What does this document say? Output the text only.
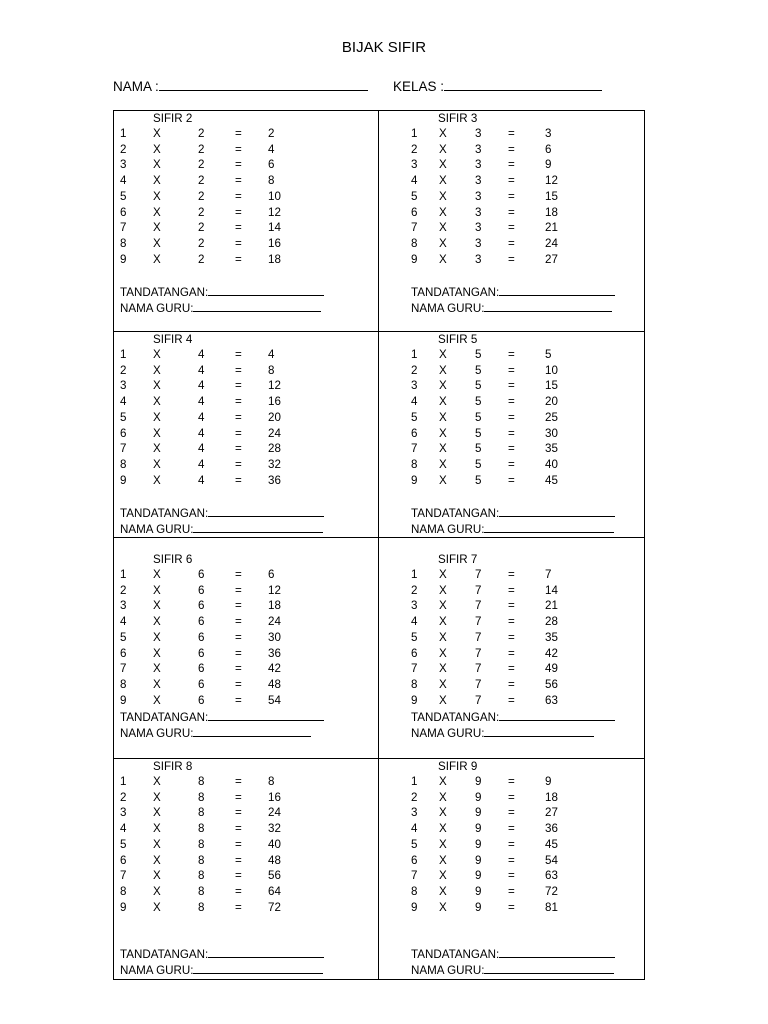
BIJAK SIFIR
NAMA :	KELAS :
SIFIR 2
1 X	2	= 2
2 X	2	= 4
3 X	2	= 6
4 X	2	= 8
5 X	2	= 10
6 X	2	= 12
7 X	2	= 14
8 X	2	= 16
9 X	2	= 18
TANDATANGAN:
NAMA GURU:
SIFIR 3
1 X 3 =	3
2 X 3 =	6
3 X 3 =	9
4 X 3 =	12
5 X 3 =	15
6 X 3 =	18
7 X 3 =	21
8 X 3 =	24
9 X 3 =	27
TANDATANGAN:
NAMA GURU:
SIFIR 4
1 X	4	= 4
2 X	4	= 8
3 X	4	= 12
4 X	4	= 16
5 X	4	= 20
6 X	4	= 24
7 X	4	= 28
8 X	4	= 32
9 X	4	= 36
TANDATANGAN:
NAMA GURU:
SIFIR 5
1 X 5 =	5
2 X 5 =	10
3 X 5 =	15
4 X 5 =	20
5 X 5 =	25
6 X 5 =	30
7 X 5 =	35
8 X 5 =	40
9 X 5 =	45
TANDATANGAN:
NAMA GURU:
SIFIR 6
1 X	6	= 6
2 X	6	= 12
3 X	6	= 18
4 X	6	= 24
5 X	6	= 30
6 X	6	= 36
7 X	6	= 42
8 X	6	= 48
9 X	6	= 54
TANDATANGAN:
NAMA GURU:
SIFIR 7
1 X 7 =	7
2 X 7 =	14
3 X 7 =	21
4 X 7 =	28
5 X 7 =	35
6 X 7 =	42
7 X 7 =	49
8 X 7 =	56
9 X 7 =	63
TANDATANGAN:
NAMA GURU:
SIFIR 8
1 X	8	= 8
2 X	8	= 16
3 X	8	= 24
4 X	8	= 32
5 X	8	= 40
6 X	8	= 48
7 X	8	= 56
8 X	8	= 64
9 X	8	= 72
TANDATANGAN:
NAMA GURU:
SIFIR 9
1 X 9 =	9
2 X 9 =	18
3 X 9 =	27
4 X 9 =	36
5 X 9 =	45
6 X 9 =	54
7 X 9 =	63
8 X 9 =	72
9 X 9 =	81
TANDATANGAN:
NAMA GURU:
